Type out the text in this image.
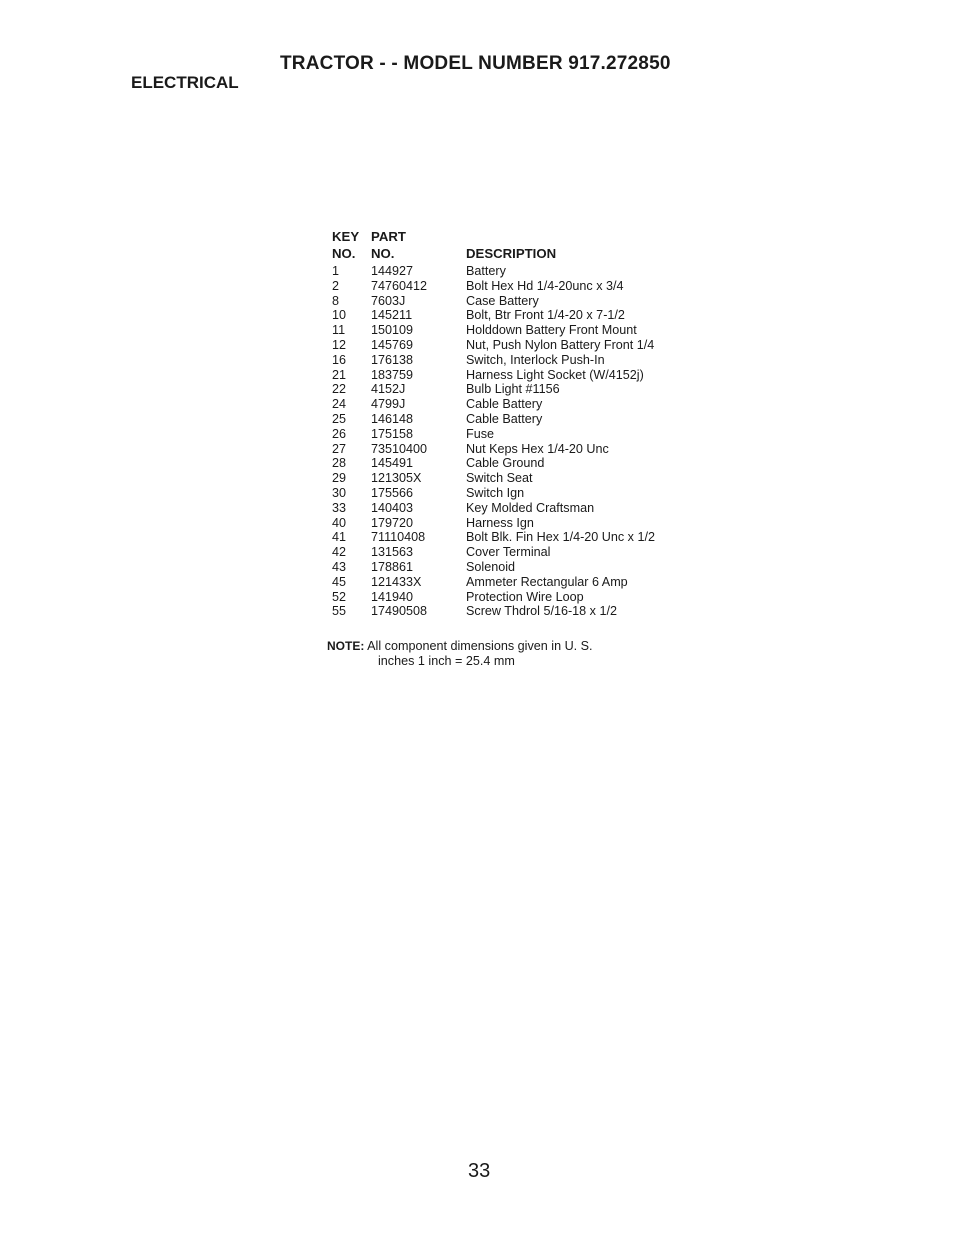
TRACTOR - - MODEL NUMBER 917.272850
ELECTRICAL
KEY
NO.
PART
NO.	DESCRIPTION
1	144927	Battery
2	74760412	Bolt Hex Hd 1/4-20unc x 3/4
8	7603J	Case Battery
10 145211	Bolt, Btr Front 1/4-20 x 7-1/2
11 150109	Holddown Battery Front Mount
12 145769	Nut, Push Nylon Battery Front 1/4
16 176138	Switch, Interlock Push-In
21 183759	Harness Light Socket (W/4152j)
22 4152J	Bulb Light #1156
24 4799J	Cable Battery
25 146148	Cable Battery
26 175158	Fuse
27 73510400	Nut Keps Hex 1/4-20 Unc
28 145491	Cable Ground
29 121305X	Switch Seat
30 175566	Switch Ign
33 140403	Key Molded Craftsman
40 179720	Harness Ign
41 71110408	Bolt Blk. Fin Hex 1/4-20 Unc x 1/2
42 131563	Cover Terminal
43 178861	Solenoid
45 121433X	Ammeter Rectangular 6 Amp
52 141940	Protection Wire Loop
55 17490508	Screw Thdrol 5/16-18 x 1/2
NOTE: All component dimensions given in U. S.
inches 1 inch = 25.4 mm
33
